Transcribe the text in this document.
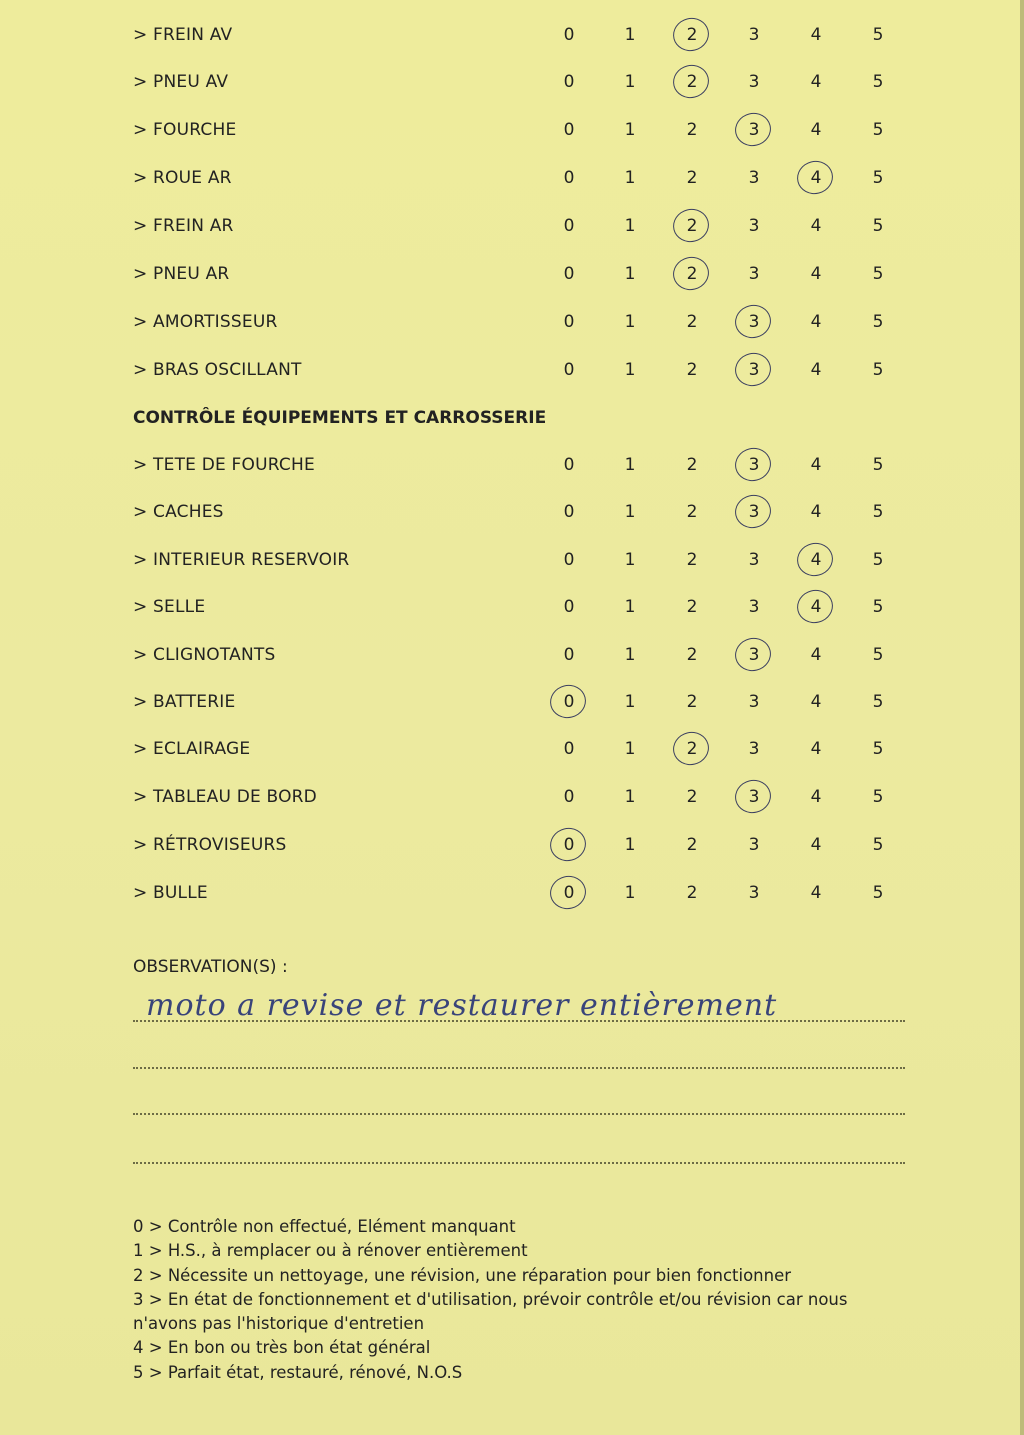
> FREIN AV	0	1	2	3	4	5
> PNEU AV	0	1	2	3	4	5
> FOURCHE	0	1	2	3	4	5
> ROUE AR	0	1	2	3	4	5
> FREIN AR	0	1	2	3	4	5
> PNEU AR	0	1	2	3	4	5
> AMORTISSEUR	0	1	2	3	4	5
> BRAS OSCILLANT	0	1	2	3	4	5
CONTRÔLE ÉQUIPEMENTS ET CARROSSERIE
> TETE DE FOURCHE	0	1	2	3	4	5
> CACHES	0	1	2	3	4	5
> INTERIEUR RESERVOIR	0	1	2	3	4	5
> SELLE	0	1	2	3	4	5
> CLIGNOTANTS	0	1	2	3	4	5
> BATTERIE	0	1	2	3	4	5
> ECLAIRAGE	0	1	2	3	4	5
> TABLEAU DE BORD	0	1	2	3	4	5
> RÉTROVISEURS	0	1	2	3	4	5
> BULLE	0	1	2	3	4	5
OBSERVATION(S) :
moto a revise et restaurer entièrement
0 > Contrôle non effectué, Elément manquant
1 > H.S., à remplacer ou à rénover entièrement
2 > Nécessite un nettoyage, une révision, une réparation pour bien fonctionner
3 > En état de fonctionnement et d'utilisation, prévoir contrôle et/ou révision car nous n'avons pas l'historique d'entretien
4 > En bon ou très bon état général
5 > Parfait état, restauré, rénové, N.O.S
